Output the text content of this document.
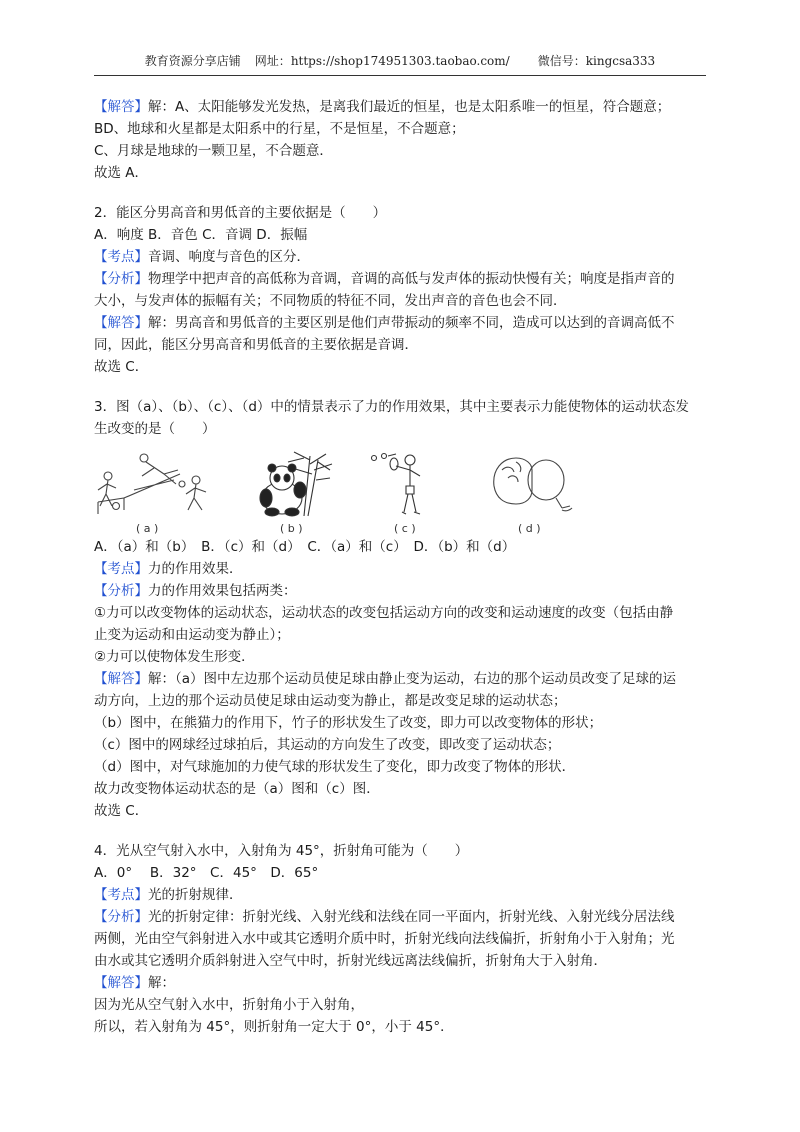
教育资源分享店铺 网址：https://shop174951303.taobao.com/ 微信号：kingcsa333
【解答】解：A、太阳能够发光发热，是离我们最近的恒星，也是太阳系唯一的恒星，符合题意；
BD、地球和火星都是太阳系中的行星，不是恒星，不合题意；
C、月球是地球的一颗卫星，不合题意．
故选 A．
2．能区分男高音和男低音的主要依据是（　　）
A．响度 B．音色 C．音调 D．振幅
【考点】音调、响度与音色的区分．
【分析】物理学中把声音的高低称为音调，音调的高低与发声体的振动快慢有关；响度是指声音的
大小，与发声体的振幅有关；不同物质的特征不同，发出声音的音色也会不同．
【解答】解：男高音和男低音的主要区别是他们声带振动的频率不同，造成可以达到的音调高低不
同，因此，能区分男高音和男低音的主要依据是音调．
故选 C．
3．图（a）、（b）、（c）、（d）中的情景表示了力的作用效果，其中主要表示力能使物体的运动状态发
生改变的是（　　）
( a )	( b )	( c )	( d )
A．（a）和（b）　B．（c）和（d）　C．（a）和（c）　D．（b）和（d）
【考点】力的作用效果．
【分析】力的作用效果包括两类：
①力可以改变物体的运动状态，运动状态的改变包括运动方向的改变和运动速度的改变（包括由静
止变为运动和由运动变为静止）；
②力可以使物体发生形变．
【解答】解：（a）图中左边那个运动员使足球由静止变为运动，右边的那个运动员改变了足球的运
动方向，上边的那个运动员使足球由运动变为静止，都是改变足球的运动状态；
（b）图中，在熊猫力的作用下，竹子的形状发生了改变，即力可以改变物体的形状；
（c）图中的网球经过球拍后，其运动的方向发生了改变，即改变了运动状态；
（d）图中，对气球施加的力使气球的形状发生了变化，即力改变了物体的形状．
故力改变物体运动状态的是（a）图和（c）图．
故选 C．
4．光从空气射入水中，入射角为 45°，折射角可能为（　　）
A．0°　 B．32°　C．45°　D．65°
【考点】光的折射规律．
【分析】光的折射定律：折射光线、入射光线和法线在同一平面内，折射光线、入射光线分居法线
两侧，光由空气斜射进入水中或其它透明介质中时，折射光线向法线偏折，折射角小于入射角；光
由水或其它透明介质斜射进入空气中时，折射光线远离法线偏折，折射角大于入射角．
【解答】解：
因为光从空气射入水中，折射角小于入射角，
所以，若入射角为 45°，则折射角一定大于 0°，小于 45°．
